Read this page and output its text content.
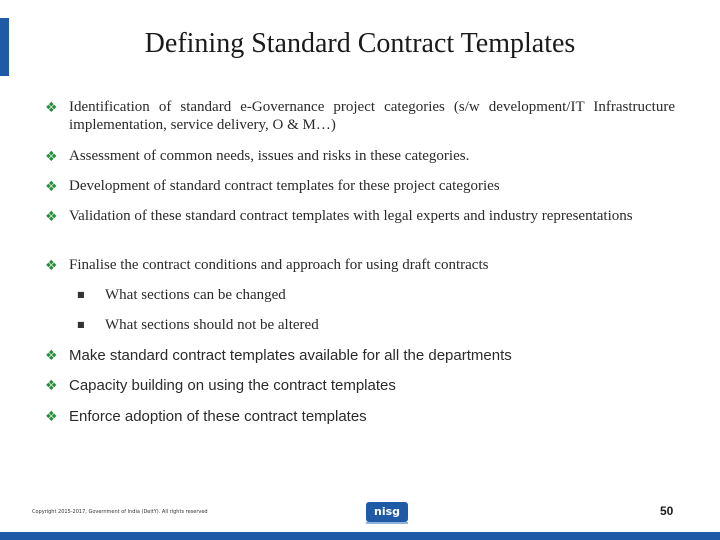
Defining Standard Contract Templates
❖ Identification of standard e-Governance project categories (s/w development/IT Infrastructure implementation, service delivery, O & M…)
❖ Assessment of common needs, issues and risks in these categories.
❖ Development of standard contract templates for these project categories
❖ Validation of these standard contract templates with legal experts and industry representations
❖ Finalise the contract conditions and approach for using draft contracts
■	What sections can be changed
■	What sections should not be altered
❖ Make standard contract templates available for all the departments
❖ Capacity building on using the contract templates
❖ Enforce adoption of these contract templates
Copyright 2015-2017, Government of India (DeitY). All rights reserved	nisg	50
